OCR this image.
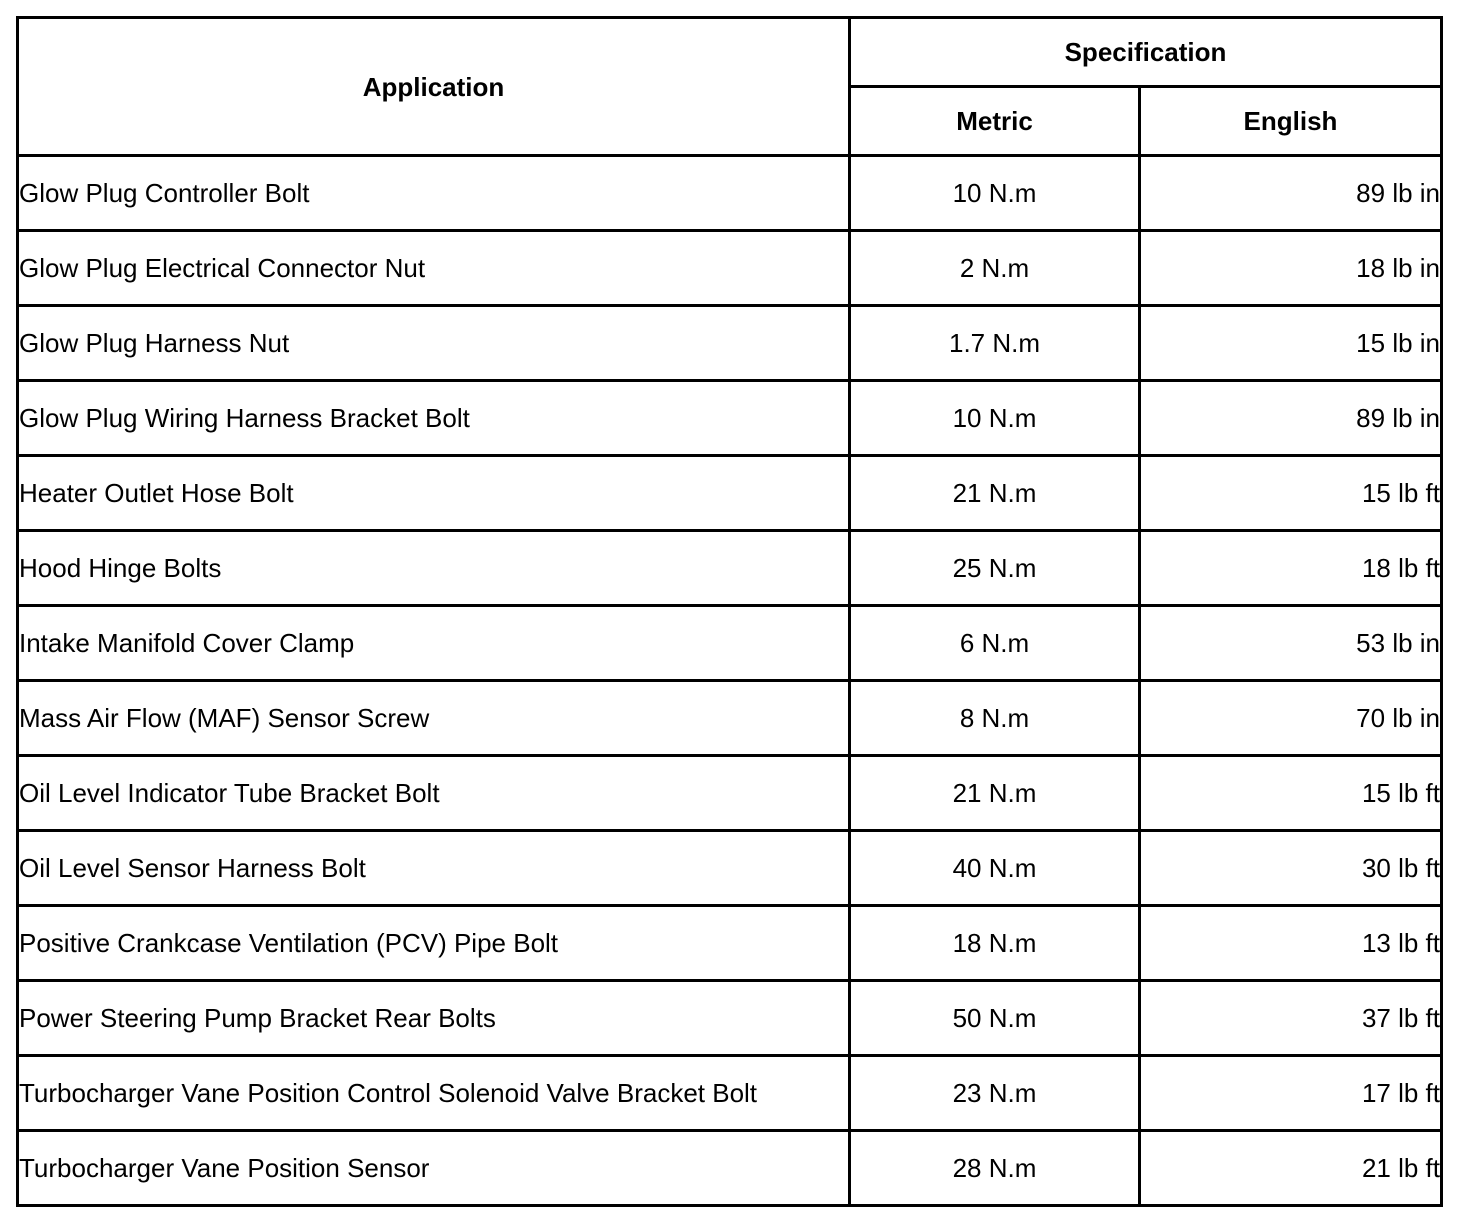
Application	Specification	
	Metric	English
Glow Plug Controller Bolt	10 N.m	89 lb in
Glow Plug Electrical Connector Nut	2 N.m	18 lb in
Glow Plug Harness Nut	1.7 N.m	15 lb in
Glow Plug Wiring Harness Bracket Bolt	10 N.m	89 lb in
Heater Outlet Hose Bolt	21 N.m	15 lb ft
Hood Hinge Bolts	25 N.m	18 lb ft
Intake Manifold Cover Clamp	6 N.m	53 lb in
Mass Air Flow (MAF) Sensor Screw	8 N.m	70 lb in
Oil Level Indicator Tube Bracket Bolt	21 N.m	15 lb ft
Oil Level Sensor Harness Bolt	40 N.m	30 lb ft
Positive Crankcase Ventilation (PCV) Pipe Bolt	18 N.m	13 lb ft
Power Steering Pump Bracket Rear Bolts	50 N.m	37 lb ft
Turbocharger Vane Position Control Solenoid Valve Bracket Bolt	23 N.m	17 lb ft
Turbocharger Vane Position Sensor	28 N.m	21 lb ft
